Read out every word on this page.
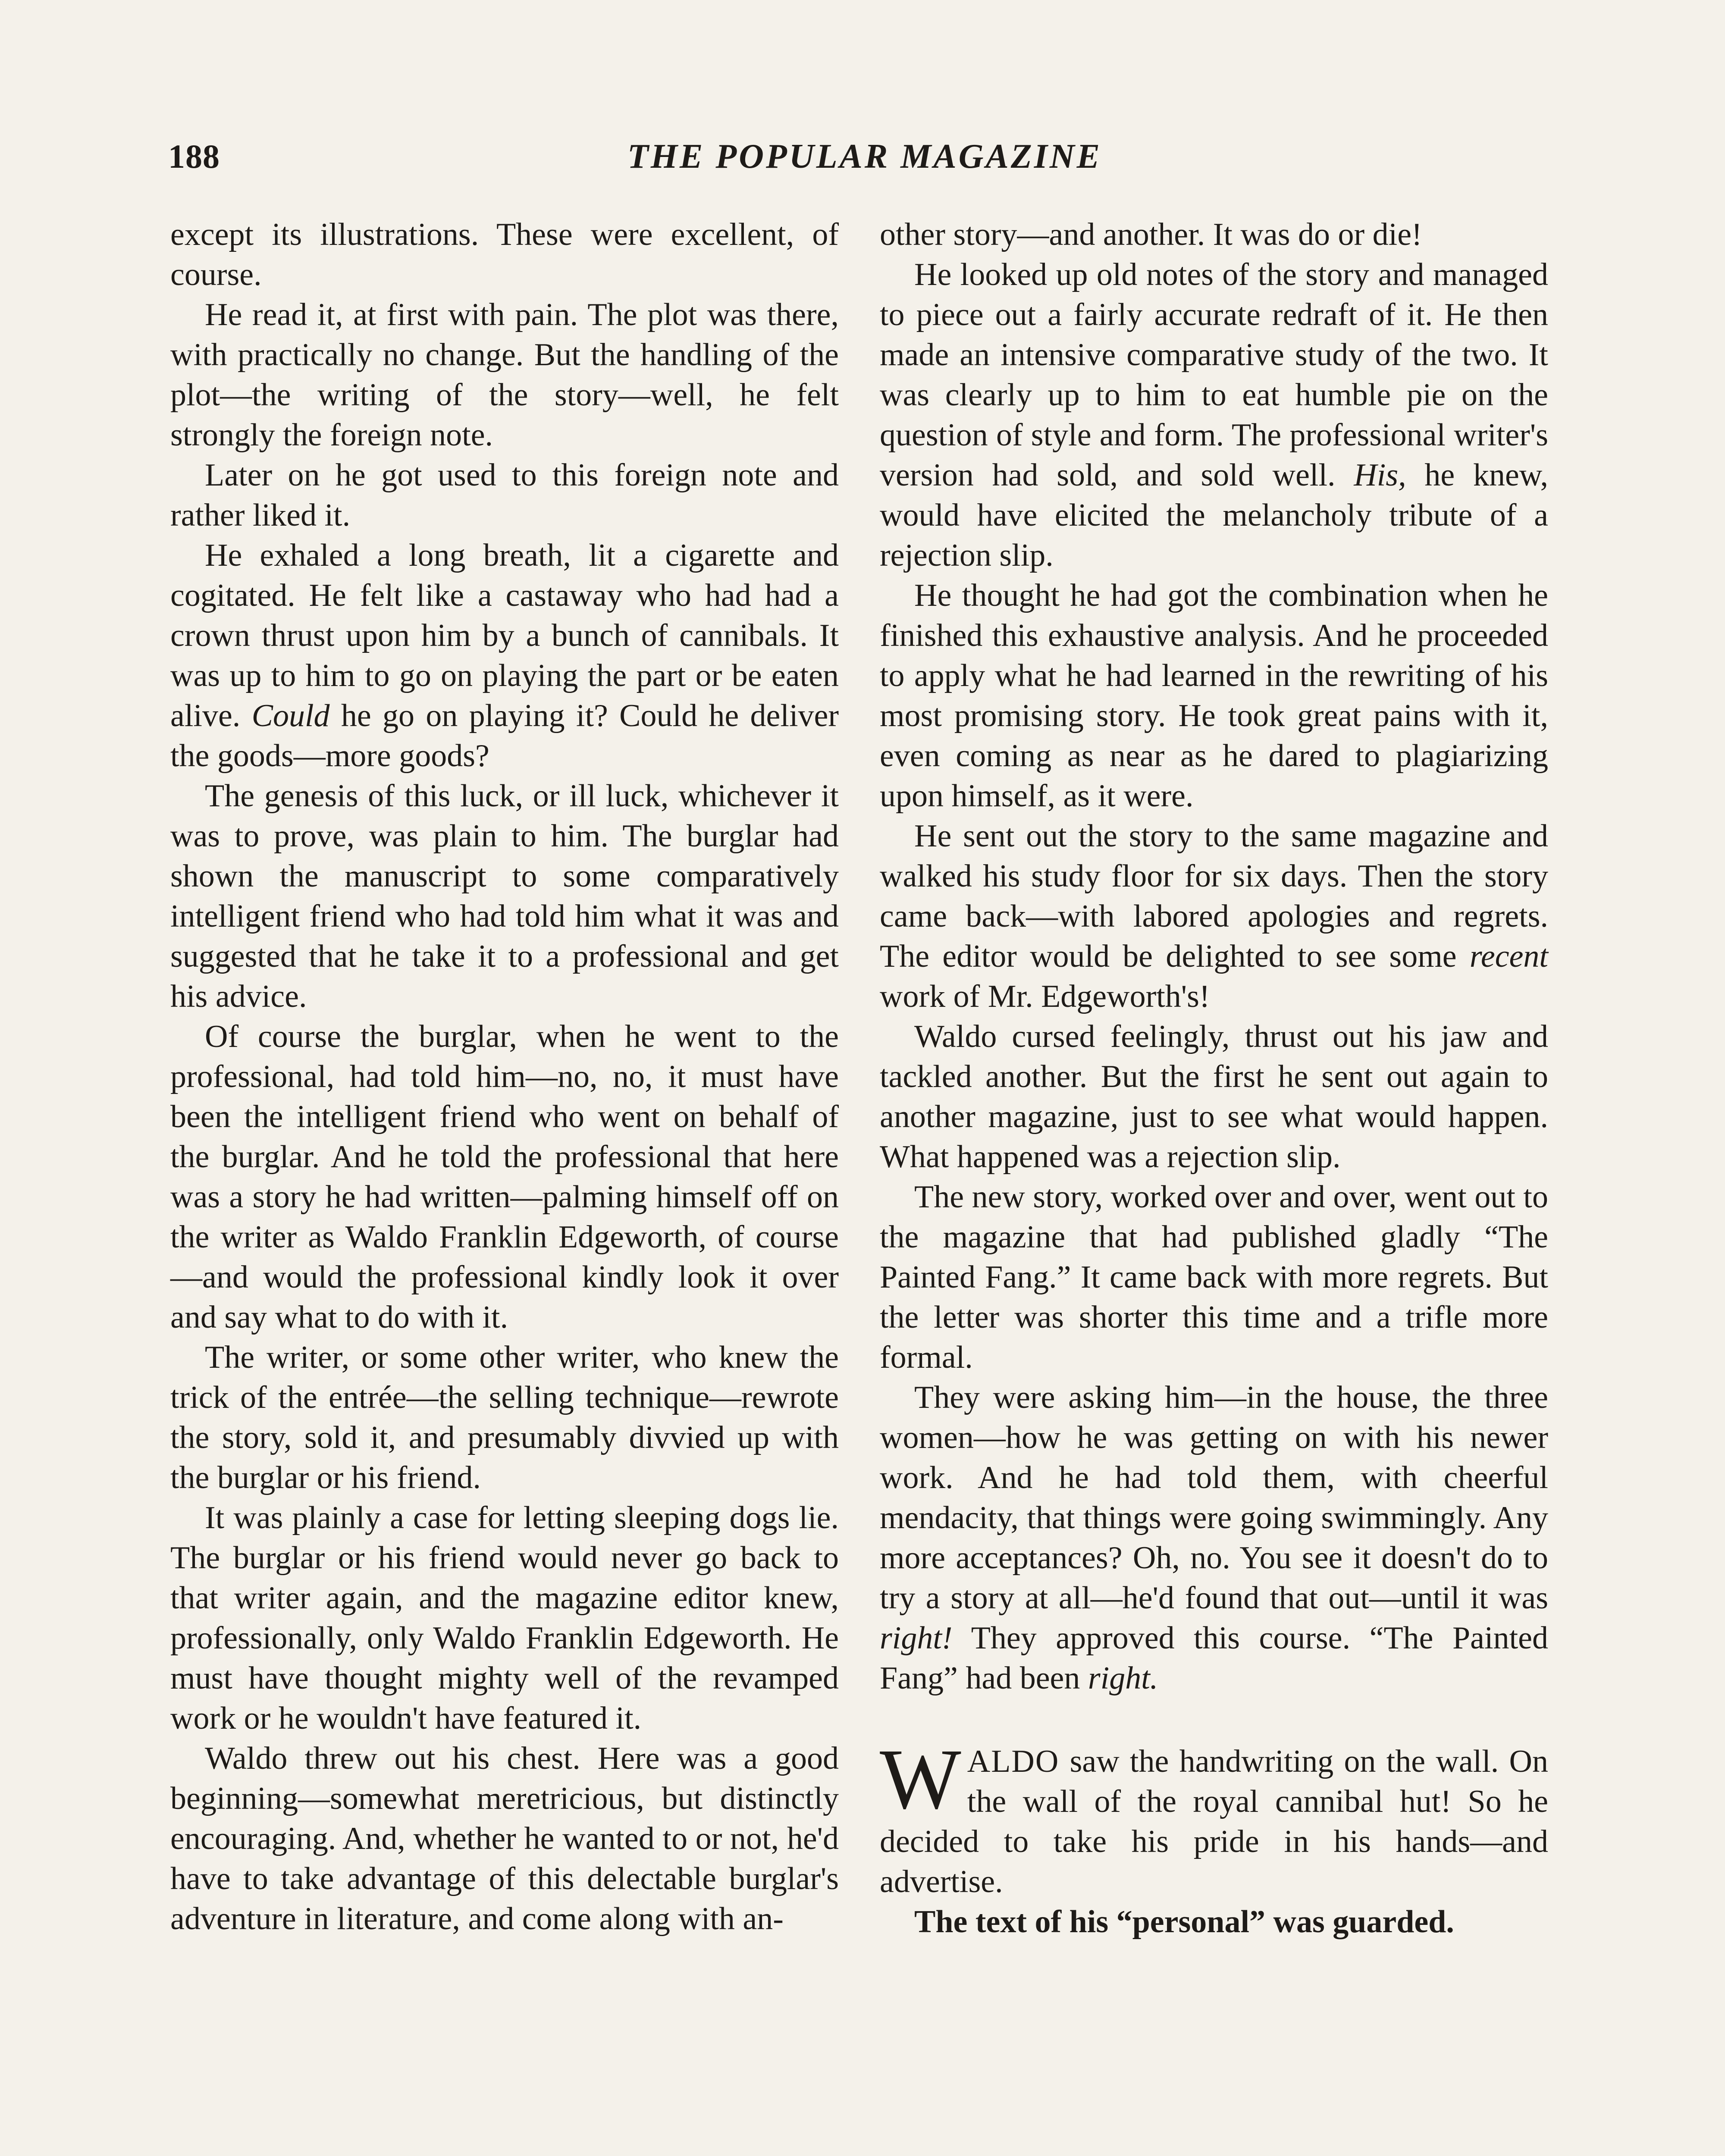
188	THE POPULAR MAGAZINE

except its illustrations. These were excellent, of course.

He read it, at first with pain. The plot was there, with practically no change. But the handling of the plot—the writing of the story—well, he felt strongly the foreign note.

Later on he got used to this foreign note and rather liked it.

He exhaled a long breath, lit a cigarette and cogitated. He felt like a castaway who had had a crown thrust upon him by a bunch of cannibals. It was up to him to go on playing the part or be eaten alive. Could he go on playing it? Could he deliver the goods—more goods?

The genesis of this luck, or ill luck, whichever it was to prove, was plain to him. The burglar had shown the manuscript to some comparatively intelligent friend who had told him what it was and suggested that he take it to a professional and get his advice.

Of course the burglar, when he went to the professional, had told him—no, no, it must have been the intelligent friend who went on behalf of the burglar. And he told the professional that here was a story he had written—palming himself off on the writer as Waldo Franklin Edgeworth, of course—and would the professional kindly look it over and say what to do with it.

The writer, or some other writer, who knew the trick of the entrée—the selling technique—rewrote the story, sold it, and presumably divvied up with the burglar or his friend.

It was plainly a case for letting sleeping dogs lie. The burglar or his friend would never go back to that writer again, and the magazine editor knew, professionally, only Waldo Franklin Edgeworth. He must have thought mighty well of the revamped work or he wouldn't have featured it.

Waldo threw out his chest. Here was a good beginning—somewhat meretricious, but distinctly encouraging. And, whether he wanted to or not, he'd have to take advantage of this delectable burglar's adventure in literature, and come along with an-

other story—and another. It was do or die!

He looked up old notes of the story and managed to piece out a fairly accurate redraft of it. He then made an intensive comparative study of the two. It was clearly up to him to eat humble pie on the question of style and form. The professional writer's version had sold, and sold well. His, he knew, would have elicited the melancholy tribute of a rejection slip.

He thought he had got the combination when he finished this exhaustive analysis. And he proceeded to apply what he had learned in the rewriting of his most promising story. He took great pains with it, even coming as near as he dared to plagiarizing upon himself, as it were.

He sent out the story to the same magazine and walked his study floor for six days. Then the story came back—with labored apologies and regrets. The editor would be delighted to see some recent work of Mr. Edgeworth's!

Waldo cursed feelingly, thrust out his jaw and tackled another. But the first he sent out again to another magazine, just to see what would happen. What happened was a rejection slip.

The new story, worked over and over, went out to the magazine that had published gladly “The Painted Fang.” It came back with more regrets. But the letter was shorter this time and a trifle more formal.

They were asking him—in the house, the three women—how he was getting on with his newer work. And he had told them, with cheerful mendacity, that things were going swimmingly. Any more acceptances? Oh, no. You see it doesn't do to try a story at all—he'd found that out—until it was right! They approved this course. “The Painted Fang” had been right.

WALDO saw the handwriting on the wall. On the wall of the royal cannibal hut! So he decided to take his pride in his hands—and advertise.

The text of his “personal” was guarded.
